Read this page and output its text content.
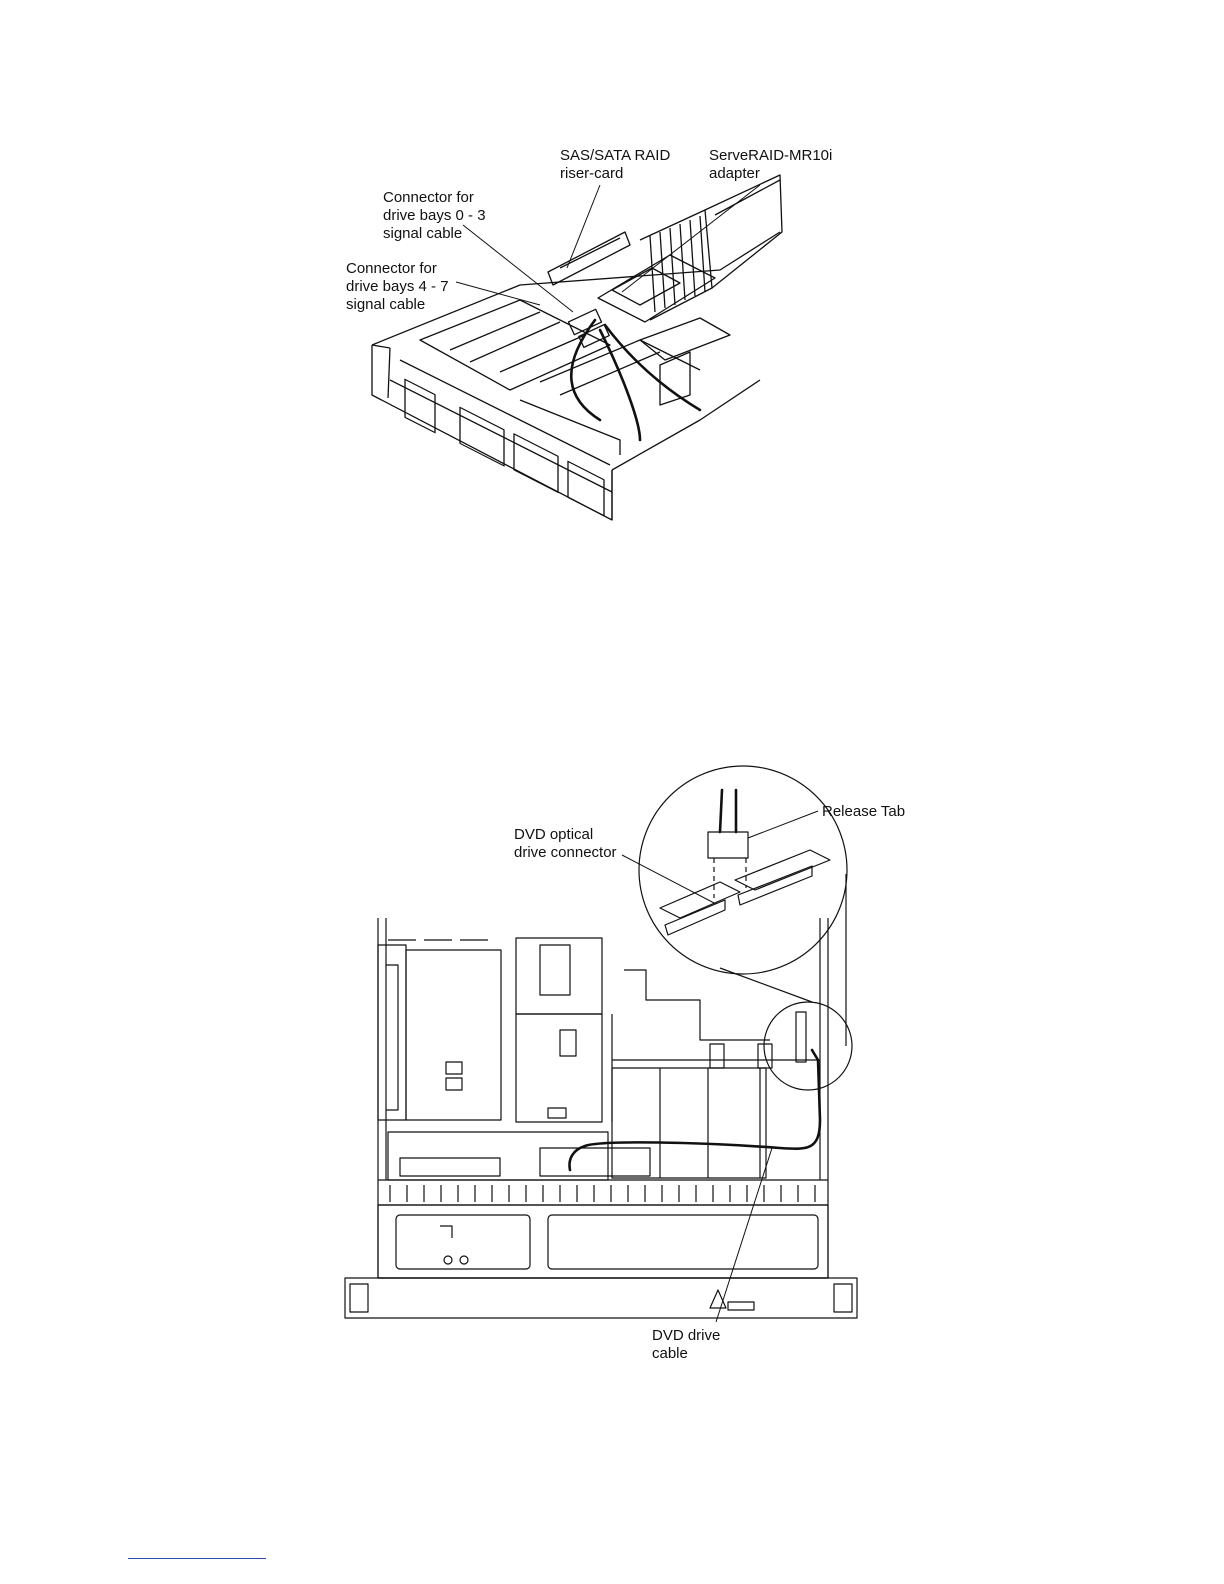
SAS/SATA RAID
riser-card
ServeRAID-MR10i
adapter
Connector for
drive bays 0 - 3
signal cable
Connector for
drive bays 4 - 7
signal cable
Release Tab
DVD optical
drive connector
DVD drive
cable
